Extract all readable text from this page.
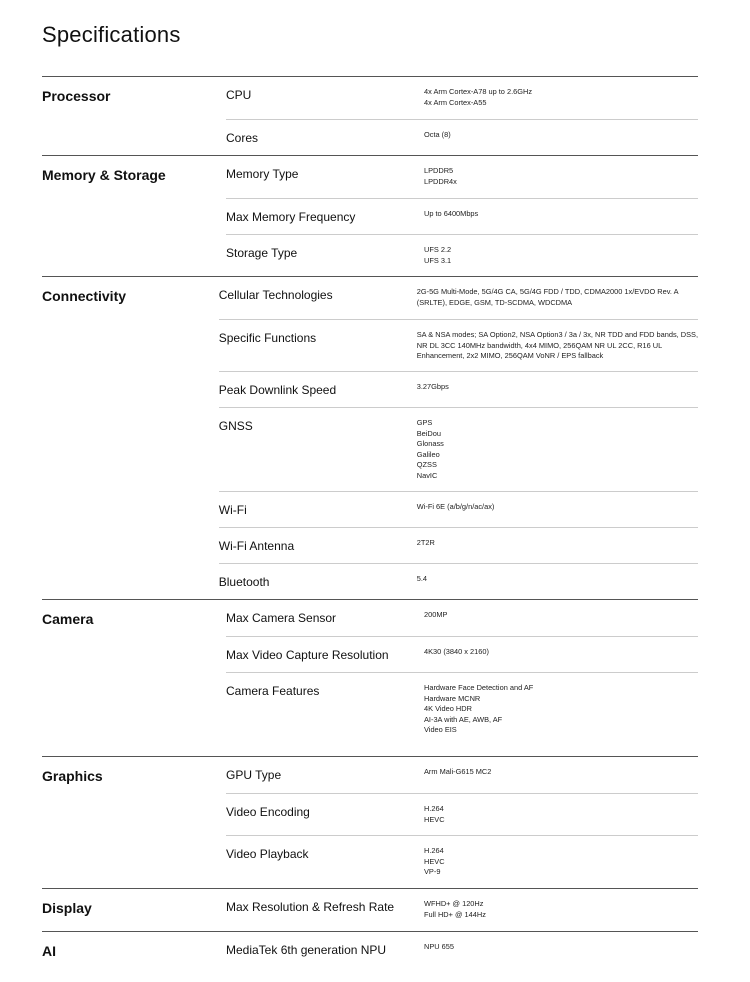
Specifications
Processor	CPU	4x Arm Cortex-A78 up to 2.6GHz
4x Arm Cortex-A55
Cores	Octa (8)
Memory & Storage	Memory Type	LPDDR5
LPDDR4x
Max Memory Frequency	Up to 6400Mbps
Storage Type	UFS 2.2
UFS 3.1
Connectivity	Cellular Technologies	2G-5G Multi-Mode, 5G/4G CA, 5G/4G FDD / TDD, CDMA2000 1x/EVDO Rev. A
(SRLTE), EDGE, GSM, TD-SCDMA, WDCDMA
Specific Functions	SA & NSA modes; SA Option2, NSA Option3 / 3a / 3x, NR TDD and FDD bands, DSS,
NR DL 3CC 140MHz bandwidth, 4x4 MIMO, 256QAM NR UL 2CC, R16 UL
Enhancement, 2x2 MIMO, 256QAM VoNR / EPS fallback
Peak Downlink Speed	3.27Gbps
GNSS	GPS
BeiDou
Glonass
Galileo
QZSS
NavIC
Wi-Fi	Wi-Fi 6E (a/b/g/n/ac/ax)
Wi-Fi Antenna	2T2R
Bluetooth	5.4
Camera	Max Camera Sensor	200MP
Max Video Capture Resolution	4K30 (3840 x 2160)
Camera Features	Hardware Face Detection and AF
Hardware MCNR
4K Video HDR
AI-3A with AE, AWB, AF
Video EIS
Graphics	GPU Type	Arm Mali-G615 MC2
Video Encoding	H.264
HEVC
Video Playback	H.264
HEVC
VP-9
Display	Max Resolution & Refresh Rate	WFHD+ @ 120Hz
Full HD+ @ 144Hz
AI	MediaTek 6th generation NPU	NPU 655
